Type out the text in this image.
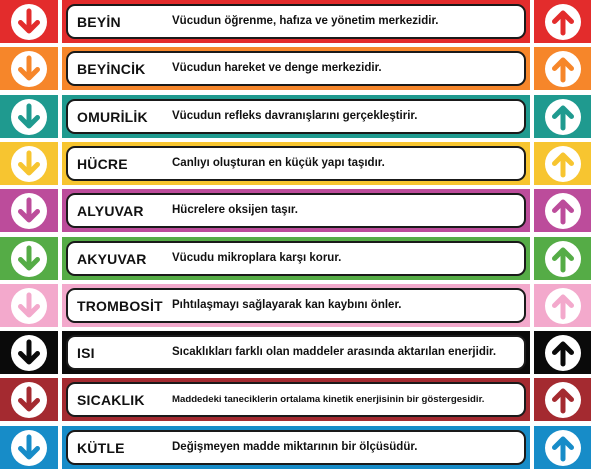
BEYİN	Vücudun öğrenme, hafıza ve yönetim merkezidir.
BEYİNCİK Vücudun hareket ve denge merkezidir.
OMURİLİK Vücudun refleks davranışlarını gerçekleştirir.
HÜCRE	Canlıyı oluşturan en küçük yapı taşıdır.
ALYUVAR Hücrelere oksijen taşır.
AKYUVAR Vücudu mikroplara karşı korur.
TROMBOSİT Pıhtılaşmayı sağlayarak kan kaybını önler.
ISI	Sıcaklıkları farklı olan maddeler arasında aktarılan enerjidir.
SICAKLIK	Maddedeki taneciklerin ortalama kinetik enerjisinin bir göstergesidir.
KÜTLE	Değişmeyen madde miktarının bir ölçüsüdür.
